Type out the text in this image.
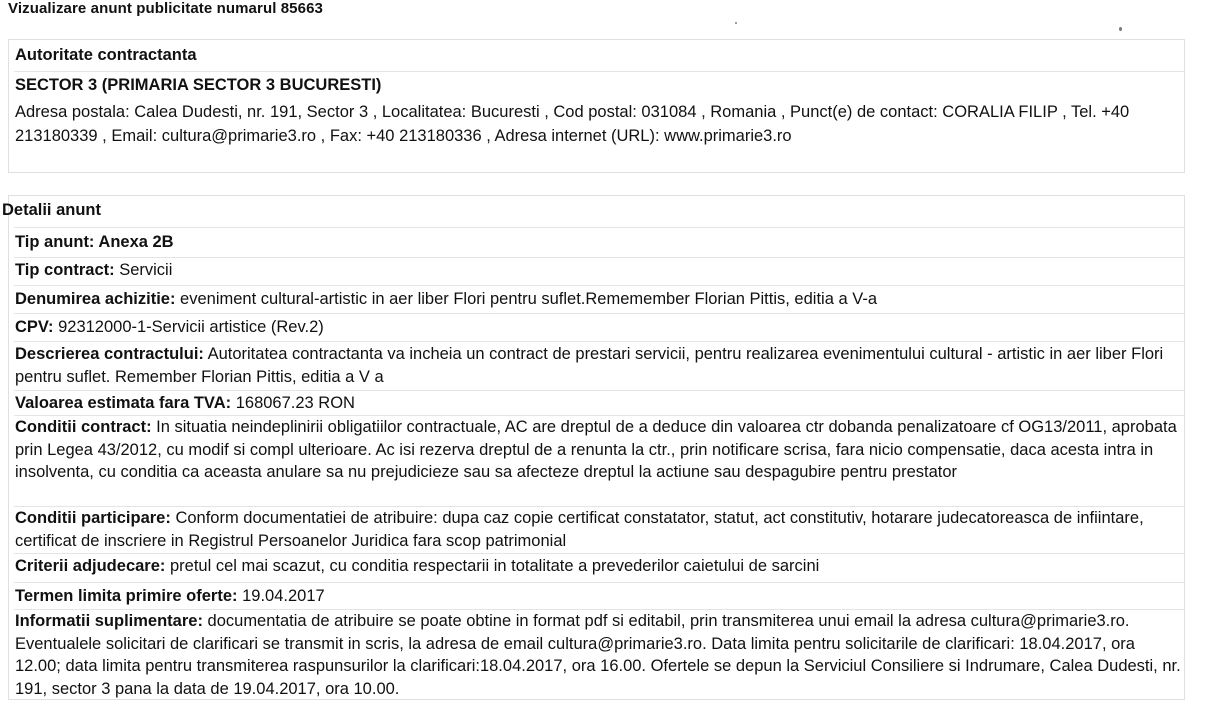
Vizualizare anunt publicitate numarul 85663
Autoritate contractanta
SECTOR 3 (PRIMARIA SECTOR 3 BUCURESTI)
Adresa postala: Calea Dudesti, nr. 191, Sector 3 , Localitatea: Bucuresti , Cod postal: 031084 , Romania , Punct(e) de contact: CORALIA FILIP , Tel. +40 213180339 , Email: cultura@primarie3.ro , Fax: +40 213180336 , Adresa internet (URL): www.primarie3.ro
Detalii anunt
Tip anunt: Anexa 2B
Tip contract: Servicii
Denumirea achizitie: eveniment cultural-artistic in aer liber Flori pentru suflet.Rememember Florian Pittis, editia a V-a
CPV: 92312000-1-Servicii artistice (Rev.2)
Descrierea contractului: Autoritatea contractanta va incheia un contract de prestari servicii, pentru realizarea evenimentului cultural - artistic in aer liber Flori pentru suflet. Remember Florian Pittis, editia a V a
Valoarea estimata fara TVA: 168067.23 RON
Conditii contract: In situatia neindeplinirii obligatiilor contractuale, AC are dreptul de a deduce din valoarea ctr dobanda penalizatoare cf OG13/2011, aprobata prin Legea 43/2012, cu modif si compl ulterioare. Ac isi rezerva dreptul de a renunta la ctr., prin notificare scrisa, fara nicio compensatie, daca acesta intra in insolventa, cu conditia ca aceasta anulare sa nu prejudicieze sau sa afecteze dreptul la actiune sau despagubire pentru prestator
Conditii participare: Conform documentatiei de atribuire: dupa caz copie certificat constatator, statut, act constitutiv, hotarare judecatoreasca de infiintare, certificat de inscriere in Registrul Persoanelor Juridica fara scop patrimonial
Criterii adjudecare: pretul cel mai scazut, cu conditia respectarii in totalitate a prevederilor caietului de sarcini
Termen limita primire oferte: 19.04.2017
Informatii suplimentare: documentatia de atribuire se poate obtine in format pdf si editabil, prin transmiterea unui email la adresa cultura@primarie3.ro. Eventualele solicitari de clarificari se transmit in scris, la adresa de email cultura@primarie3.ro. Data limita pentru solicitarile de clarificari: 18.04.2017, ora 12.00; data limita pentru transmiterea raspunsurilor la clarificari:18.04.2017, ora 16.00. Ofertele se depun la Serviciul Consiliere si Indrumare, Calea Dudesti, nr. 191, sector 3 pana la data de 19.04.2017, ora 10.00.
